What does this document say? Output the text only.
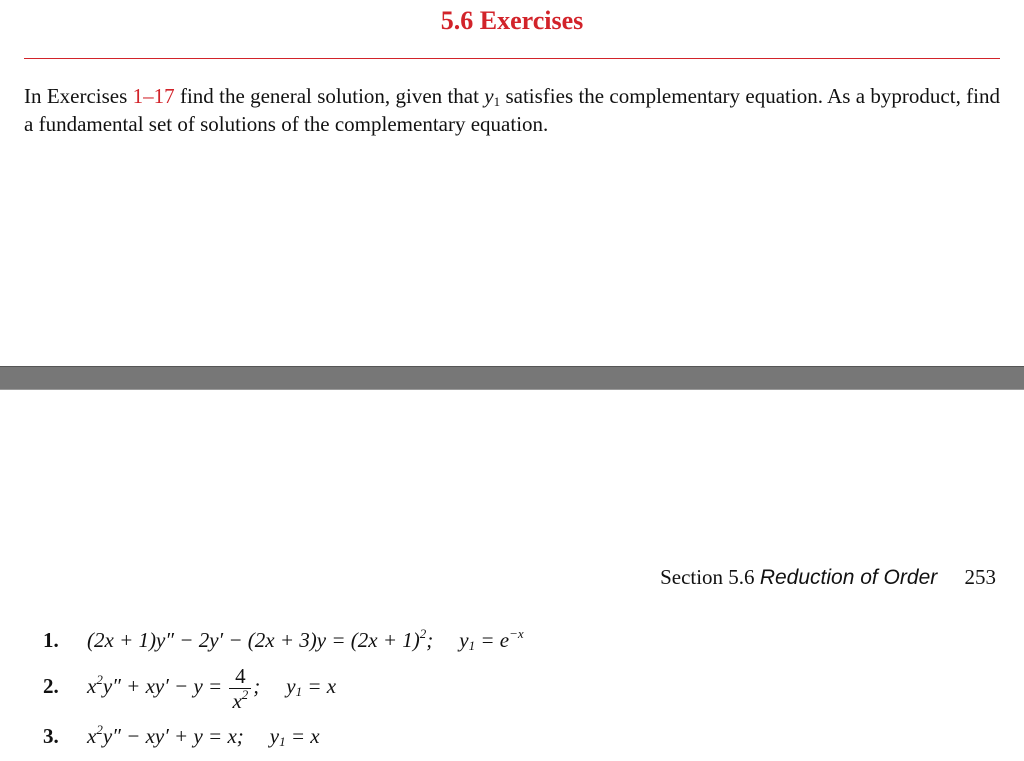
5.6 Exercises
In Exercises 1–17 find the general solution, given that $y_1$ satisfies the complementary equation. As a byproduct, find a fundamental set of solutions of the complementary equation.
Section 5.6 Reduction of Order 253
1. $(2x + 1)y'' - 2y' - (2x + 3)y = (2x + 1)^2$; $y_1 = e^{-x}$
2. $x^2y'' + xy' - y = \frac{4}{x^2}$ ; $y_1 = x$
3. $x^2y'' - xy' + y = x$; $y_1 = x$
